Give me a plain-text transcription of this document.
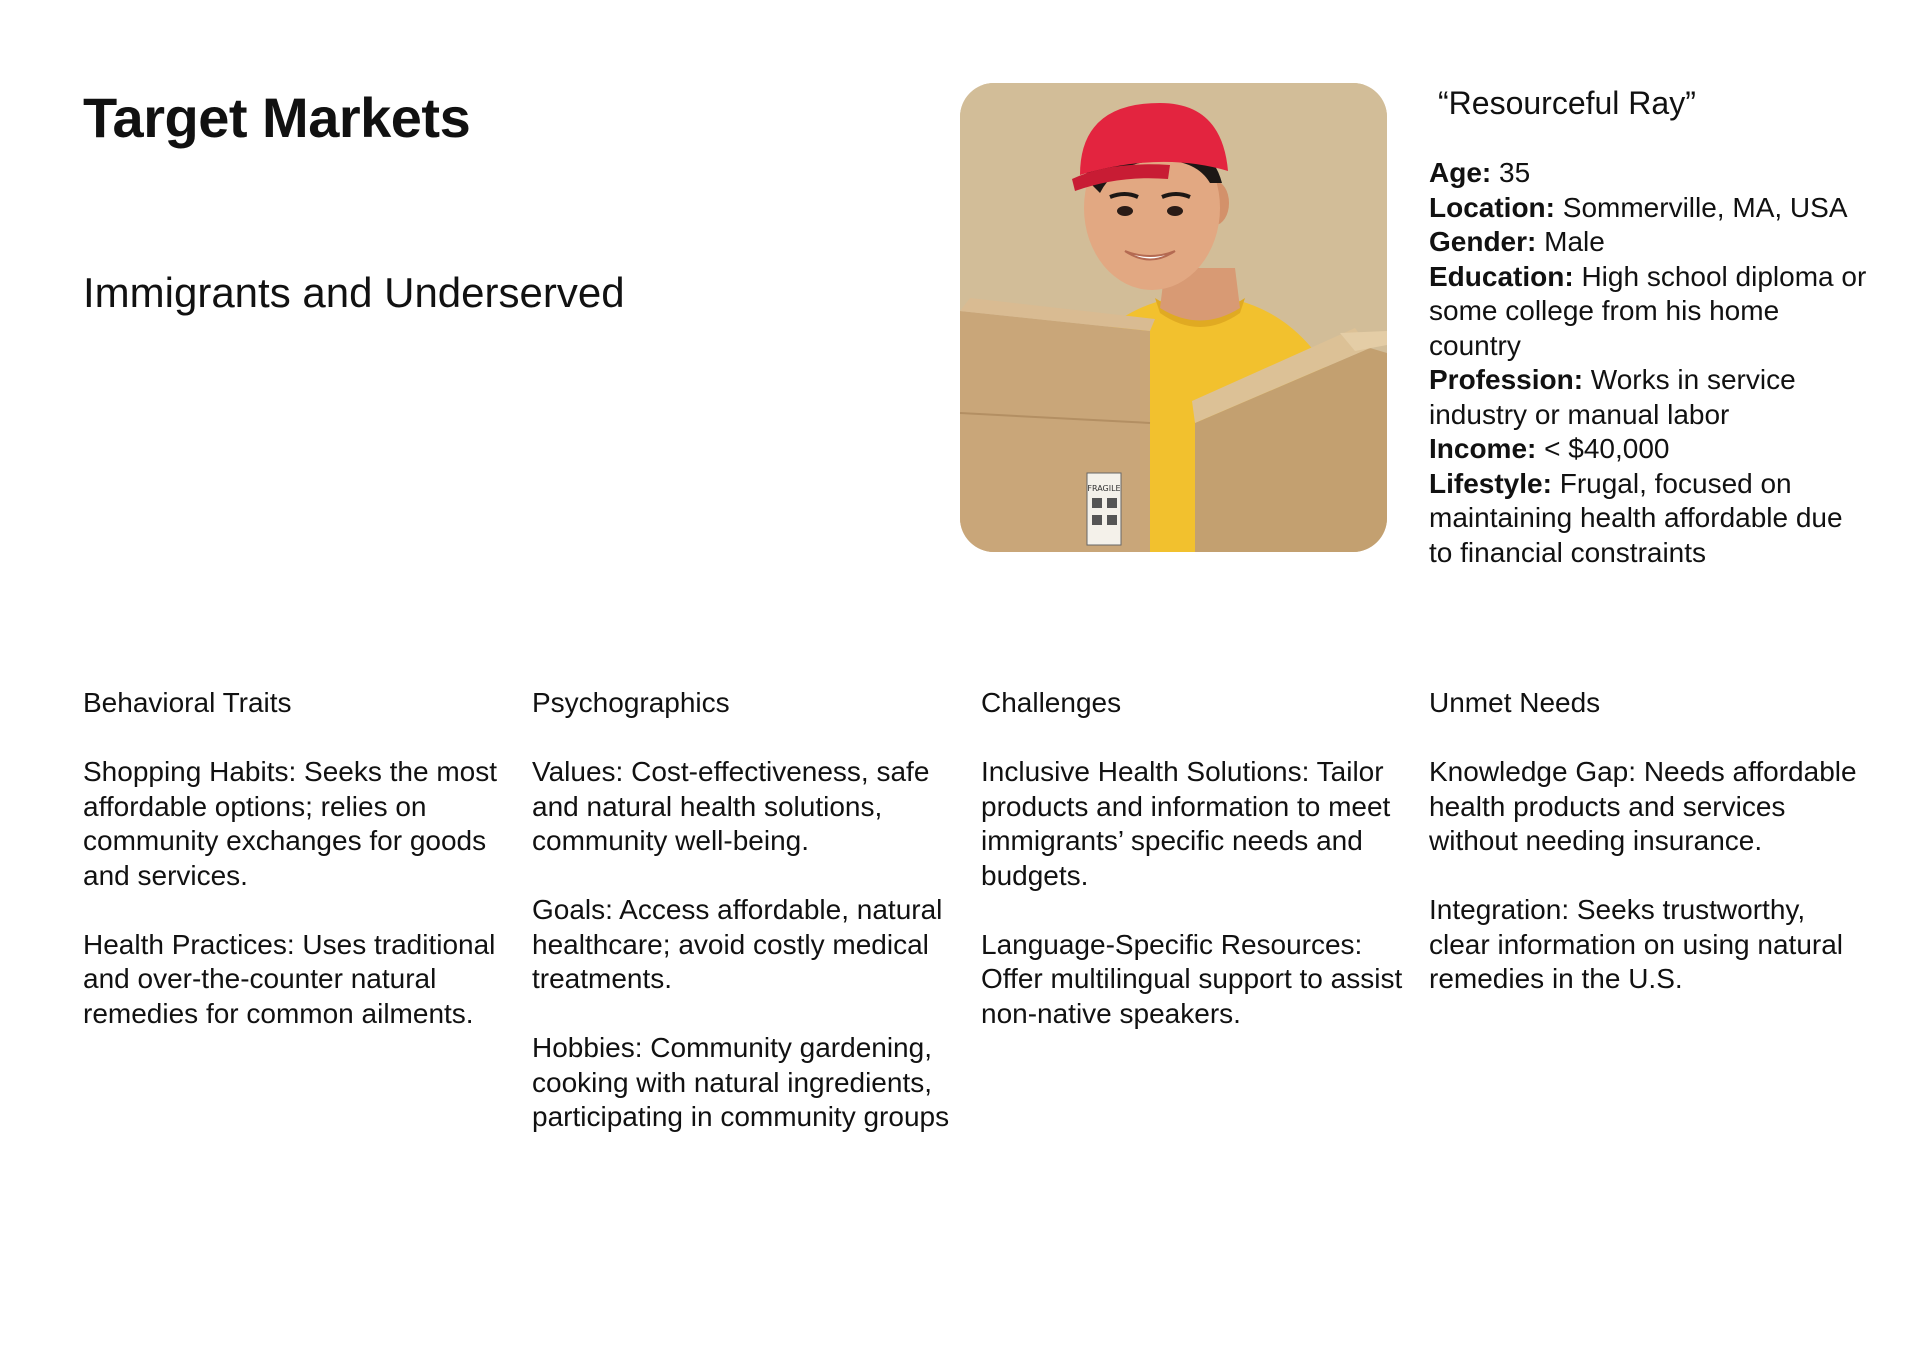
Target Markets
Immigrants and Underserved
FRAGILE

“Resourceful Ray”

Age: 35

Location: Sommerville, MA, USA

Gender: Male

Education: High school diploma or some college from his home country

Profession: Works in service industry or manual labor

Income: < $40,000

Lifestyle: Frugal, focused on maintaining health affordable due to financial constraints

Behavioral Traits

Shopping Habits: Seeks the most affordable options; relies on community exchanges for goods and services.

Health Practices: Uses traditional and over-the-counter natural remedies for common ailments.

Psychographics

Values: Cost-effectiveness, safe and natural health solutions, community well-being.

Goals: Access affordable, natural healthcare; avoid costly medical treatments.

Hobbies: Community gardening, cooking with natural ingredients, participating in community groups

Challenges

Inclusive Health Solutions: Tailor products and information to meet immigrants’ specific needs and budgets.

Language-Specific Resources: Offer multilingual support to assist non-native speakers.

Unmet Needs

Knowledge Gap: Needs affordable health products and services without needing insurance.

Integration: Seeks trustworthy, clear information on using natural remedies in the U.S.
